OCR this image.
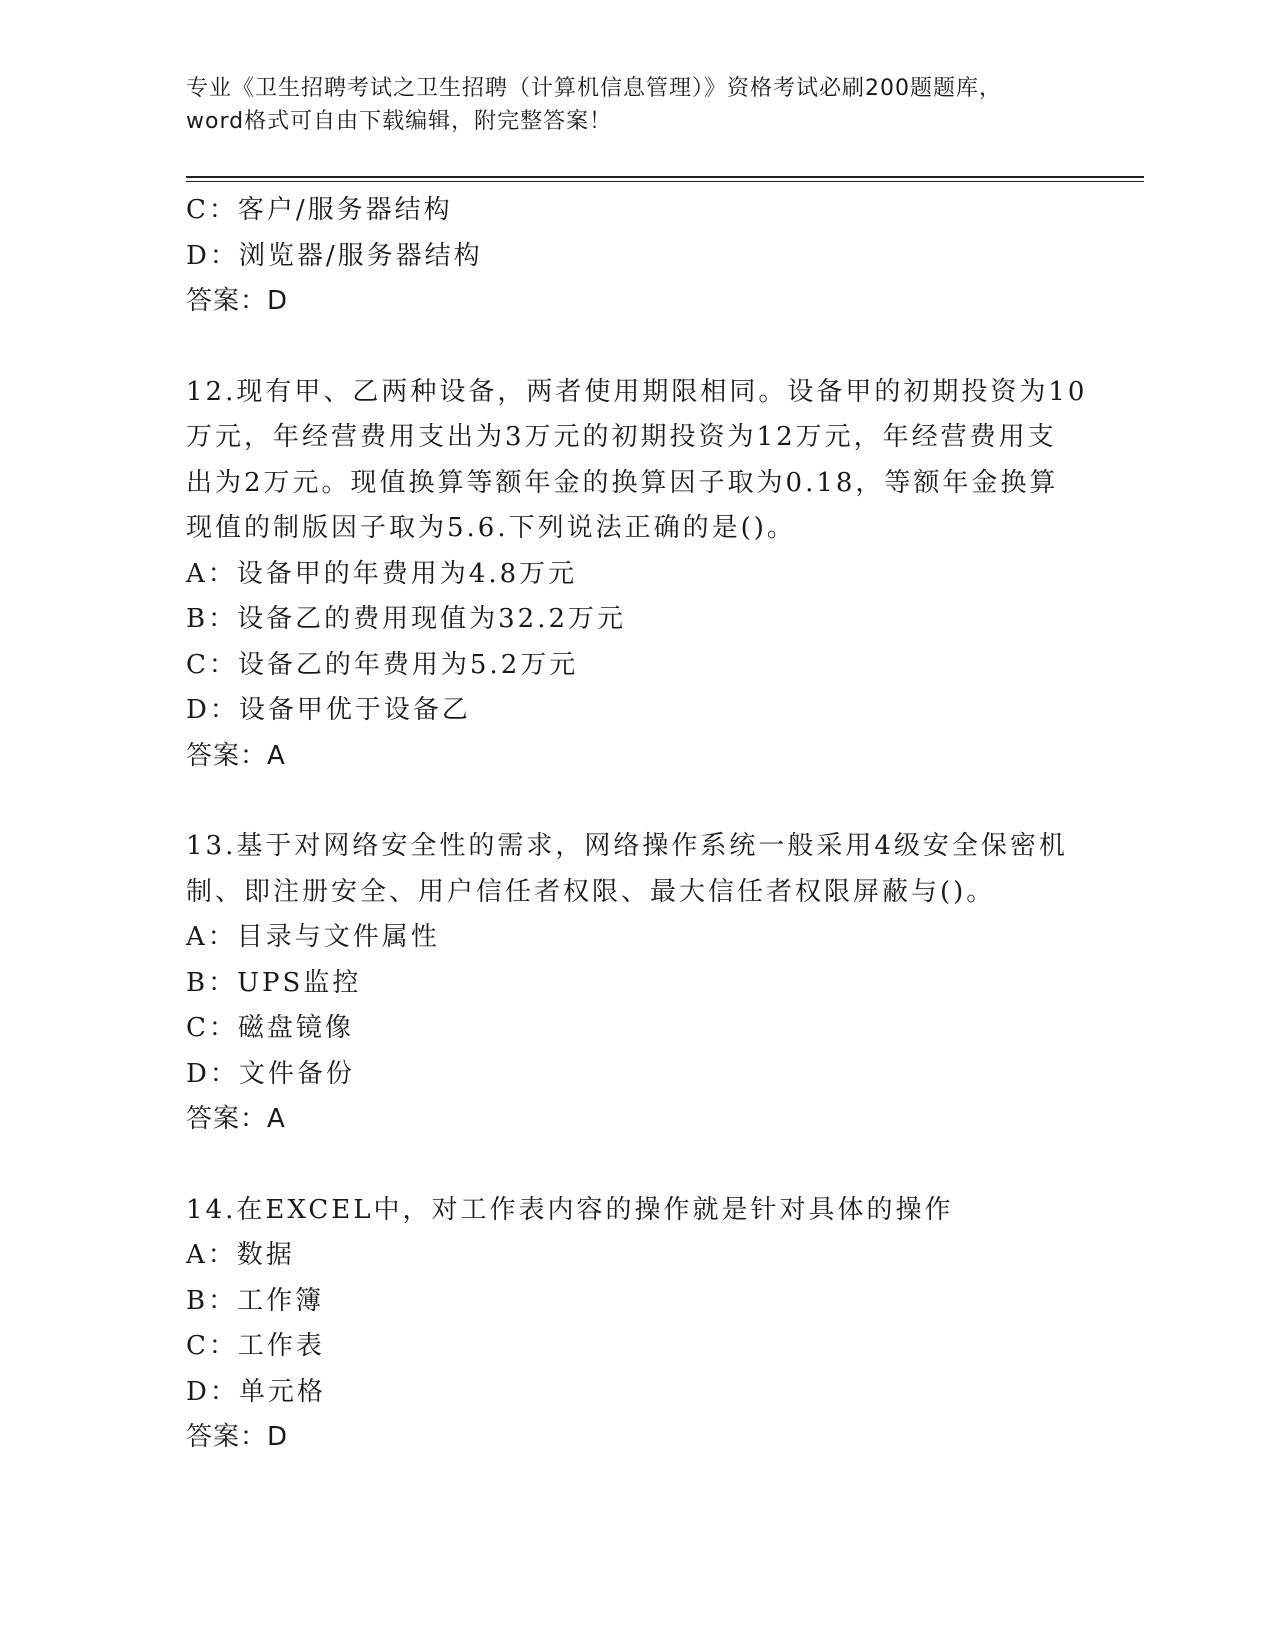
专业《卫生招聘考试之卫生招聘（计算机信息管理）》资格考试必刷200题题库，
word格式可自由下载编辑，附完整答案！
C：客户/服务器结构
D：浏览器/服务器结构
答案：D
12.现有甲、乙两种设备，两者使用期限相同。设备甲的初期投资为10
万元，年经营费用支出为3万元的初期投资为12万元，年经营费用支
出为2万元。现值换算等额年金的换算因子取为0.18，等额年金换算
现值的制版因子取为5.6.下列说法正确的是()。
A：设备甲的年费用为4.8万元
B：设备乙的费用现值为32.2万元
C：设备乙的年费用为5.2万元
D：设备甲优于设备乙
答案：A
13.基于对网络安全性的需求，网络操作系统一般采用4级安全保密机
制、即注册安全、用户信任者权限、最大信任者权限屏蔽与()。
A：目录与文件属性
B：UPS监控
C：磁盘镜像
D：文件备份
答案：A
14.在EXCEL中，对工作表内容的操作就是针对具体的操作
A：数据
B：工作簿
C：工作表
D：单元格
答案：D
